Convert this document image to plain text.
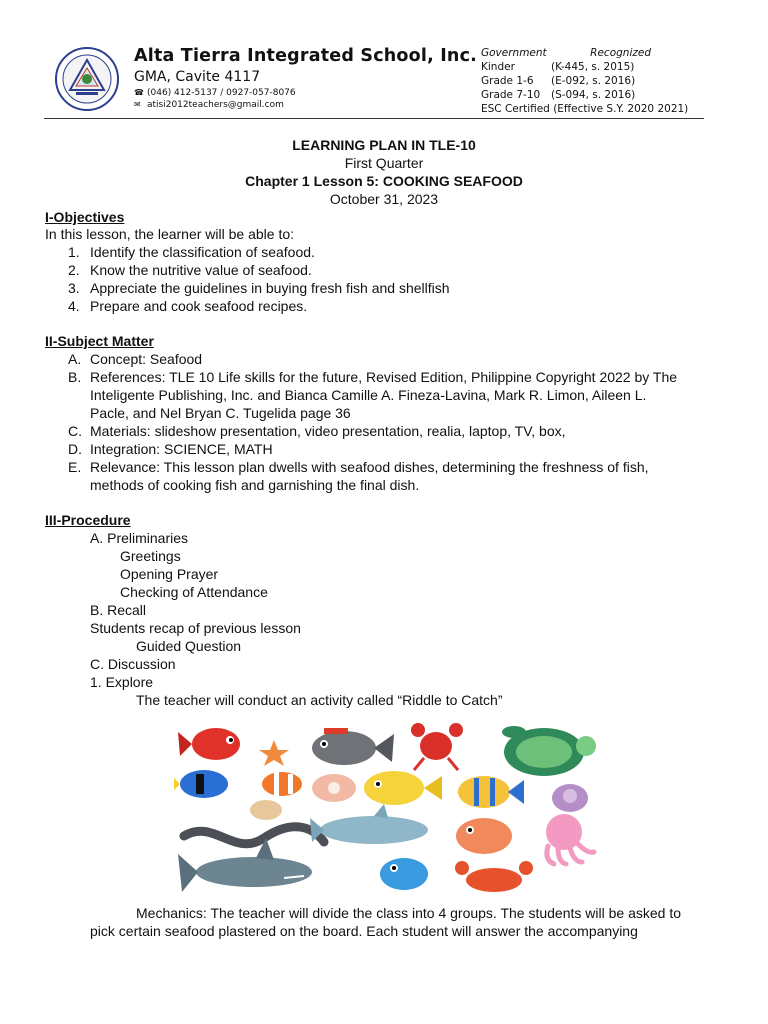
Alta Tierra Integrated School, Inc.
GMA, Cavite 4117
☎ (046) 412-5137 / 0927-057-8076
✉ atisi2012teachers@gmail.com
Government	Recognized
Kinder	(K-445, s. 2015)
Grade 1-6	(E-092, s. 2016)
Grade 7-10	(S-094, s. 2016)
ESC Certified (Effective S.Y. 2020 2021)
LEARNING PLAN IN TLE-10
First Quarter
Chapter 1 Lesson 5: COOKING SEAFOOD
October 31, 2023
I-Objectives
In this lesson, the learner will be able to:
1. Identify the classification of seafood.
2. Know the nutritive value of seafood.
3. Appreciate the guidelines in buying fresh fish and shellfish
4. Prepare and cook seafood recipes.
II-Subject Matter
A. Concept: Seafood
B. References: TLE 10 Life skills for the future, Revised Edition, Philippine Copyright 2022 by The
Inteligente Publishing, Inc. and Bianca Camille A. Fineza-Lavina, Mark R. Limon, Aileen L.
Pacle, and Nel Bryan C. Tugelida page 36
C. Materials: slideshow presentation, video presentation, realia, laptop, TV, box,
D. Integration: SCIENCE, MATH
E. Relevance: This lesson plan dwells with seafood dishes, determining the freshness of fish,
methods of cooking fish and garnishing the final dish.
III-Procedure
A. Preliminaries
Greetings
Opening Prayer
Checking of Attendance
B. Recall
Students recap of previous lesson
Guided Question
C. Discussion
1. Explore
The teacher will conduct an activity called “Riddle to Catch”
Mechanics: The teacher will divide the class into 4 groups. The students will be asked to
pick certain seafood plastered on the board. Each student will answer the accompanying
